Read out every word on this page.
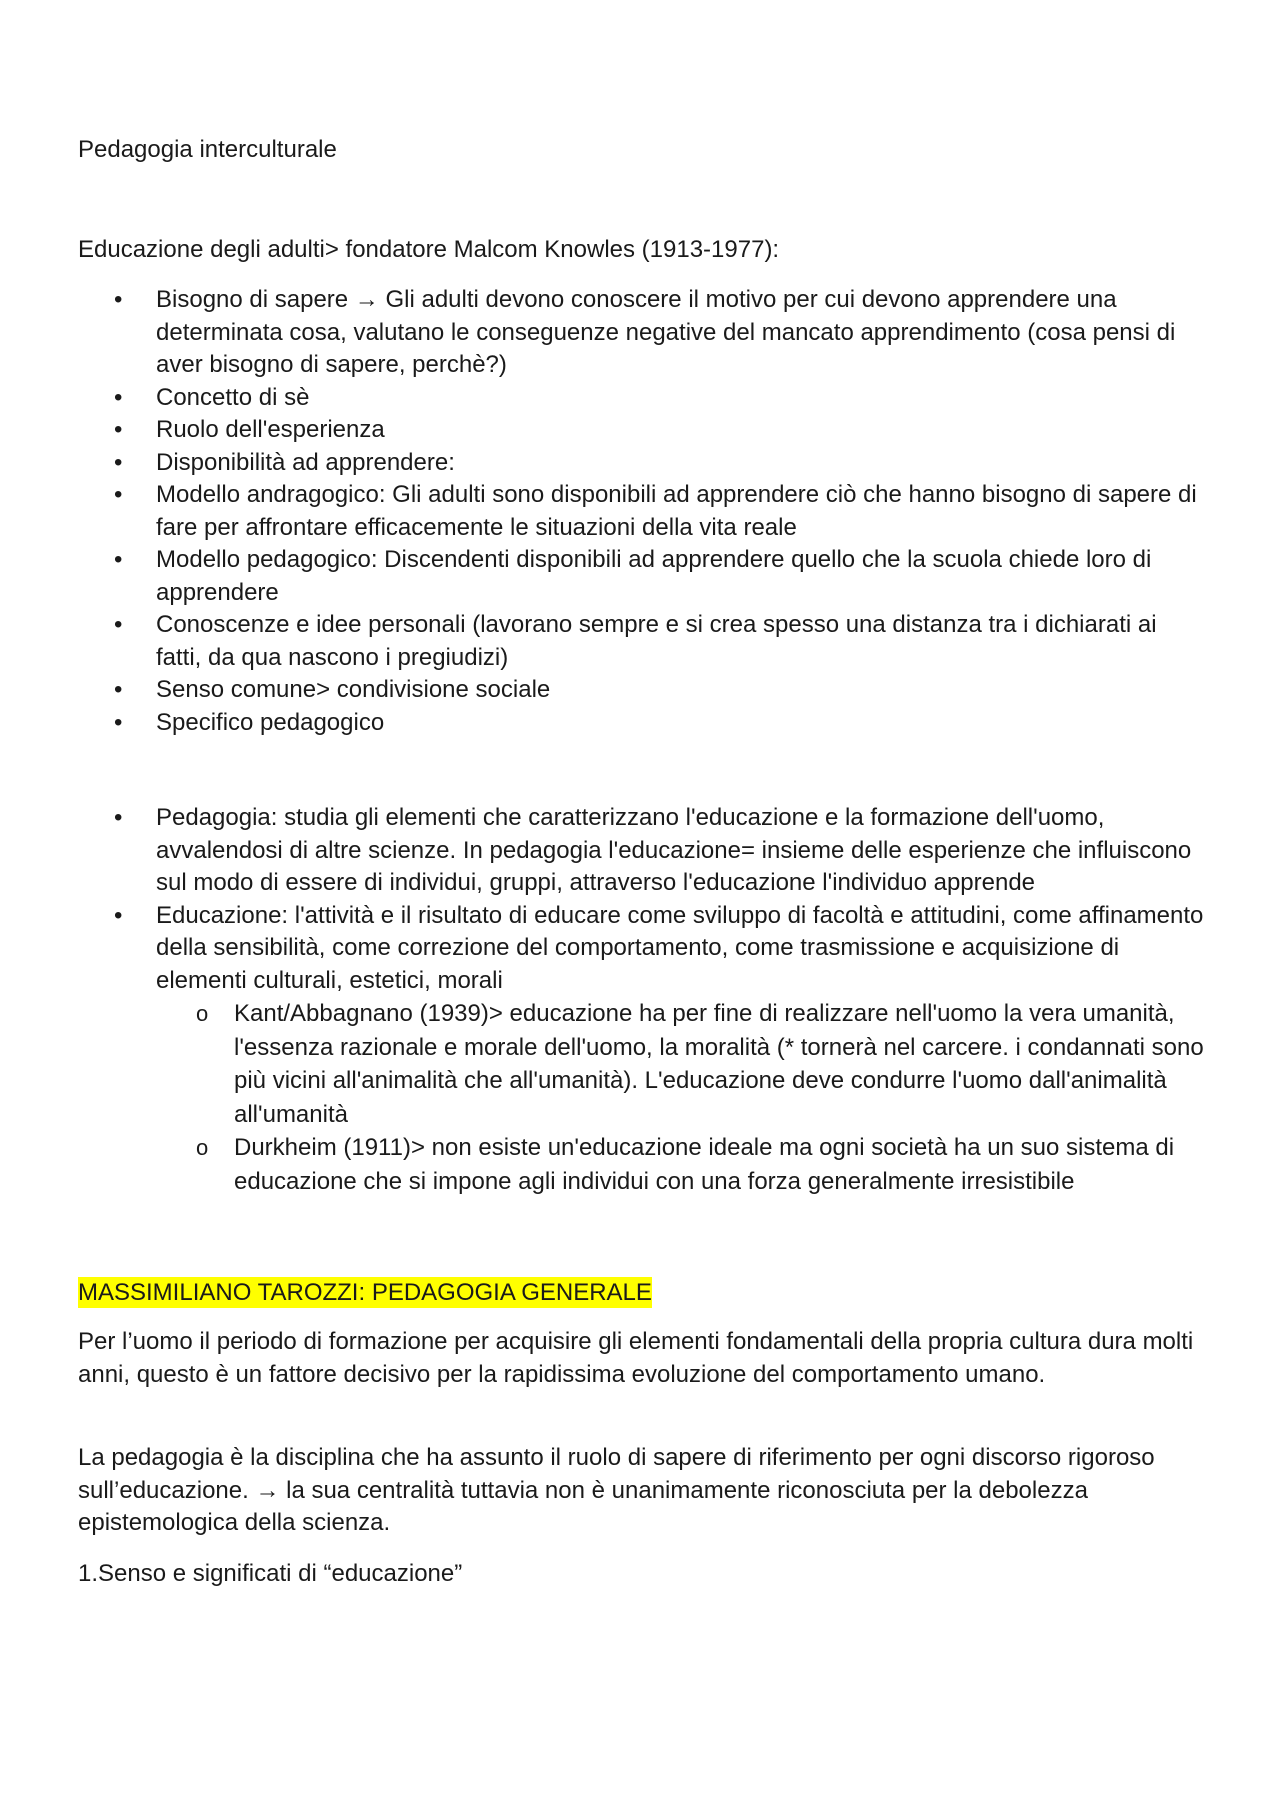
Pedagogia interculturale

Educazione degli adulti> fondatore Malcom Knowles (1913-1977):

• Bisogno di sapere → Gli adulti devono conoscere il motivo per cui devono apprendere una determinata cosa, valutano le conseguenze negative del mancato apprendimento (cosa pensi di aver bisogno di sapere, perchè?)
• Concetto di sè
• Ruolo dell'esperienza
• Disponibilità ad apprendere:
• Modello andragogico: Gli adulti sono disponibili ad apprendere ciò che hanno bisogno di sapere di fare per affrontare efficacemente le situazioni della vita reale
• Modello pedagogico: Discendenti disponibili ad apprendere quello che la scuola chiede loro di apprendere
• Conoscenze e idee personali (lavorano sempre e si crea spesso una distanza tra i dichiarati ai fatti, da qua nascono i pregiudizi)
• Senso comune> condivisione sociale
• Specifico pedagogico
• Pedagogia: studia gli elementi che caratterizzano l'educazione e la formazione dell'uomo, avvalendosi di altre scienze. In pedagogia l'educazione= insieme delle esperienze che influiscono sul modo di essere di individui, gruppi, attraverso l'educazione l'individuo apprende
• Educazione: l'attività e il risultato di educare come sviluppo di facoltà e attitudini, come affinamento della sensibilità, come correzione del comportamento, come trasmissione e acquisizione di elementi culturali, estetici, morali
o Kant/Abbagnano (1939)> educazione ha per fine di realizzare nell'uomo la vera umanità, l'essenza razionale e morale dell'uomo, la moralità (* tornerà nel carcere. i condannati sono più vicini all'animalità che all'umanità). L'educazione deve condurre l'uomo dall'animalità all'umanità
o Durkheim (1911)> non esiste un'educazione ideale ma ogni società ha un suo sistema di educazione che si impone agli individui con una forza generalmente irresistibile
MASSIMILIANO TAROZZI: PEDAGOGIA GENERALE

Per l’uomo il periodo di formazione per acquisire gli elementi fondamentali della propria cultura dura molti anni, questo è un fattore decisivo per la rapidissima evoluzione del comportamento umano.

La pedagogia è la disciplina che ha assunto il ruolo di sapere di riferimento per ogni discorso rigoroso sull’educazione. → la sua centralità tuttavia non è unanimamente riconosciuta per la debolezza epistemologica della scienza.

1.Senso e significati di “educazione”
